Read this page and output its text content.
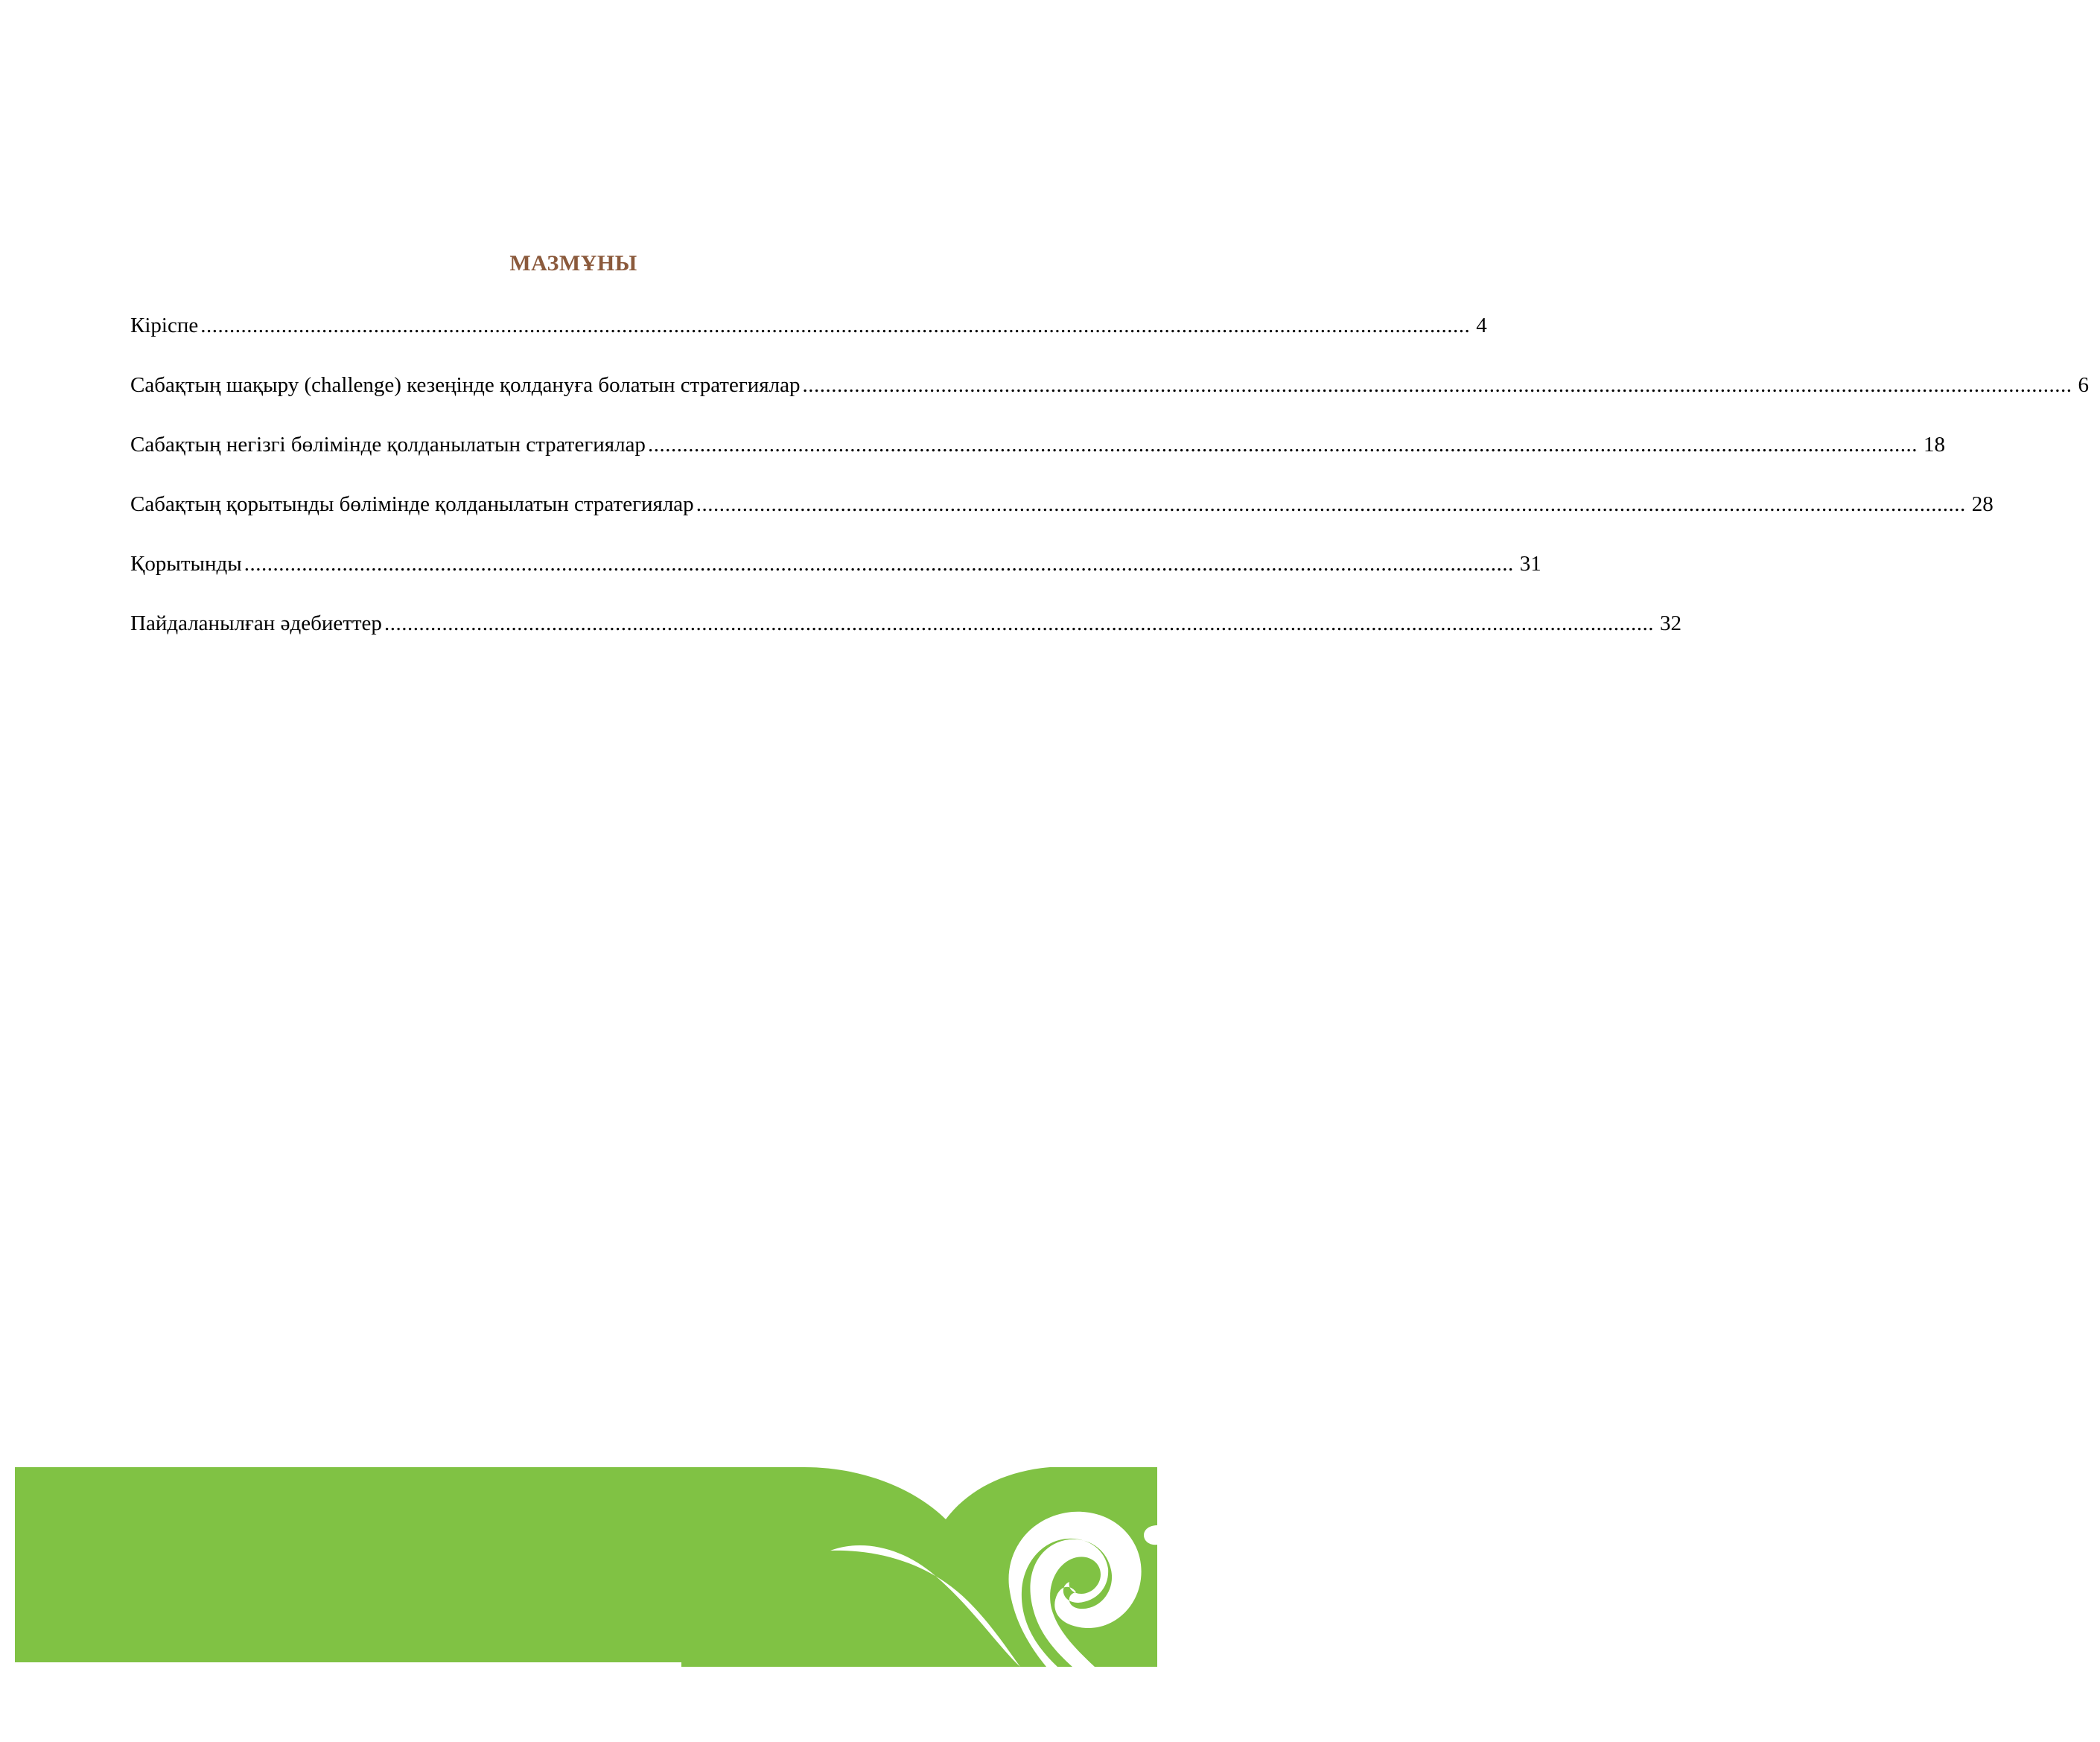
МАЗМҰНЫ
Кіріспе ............................................................................................................................................................................................................................ 4
Сабақтың шақыру (challenge) кезеңінде қолдануға болатын стратегиялар ............................................................................................................................................................................................................................ 6
Сабақтың негізгі бөлімінде қолданылатын стратегиялар ............................................................................................................................................................................................................................ 18
Сабақтың қорытынды бөлімінде қолданылатын стратегиялар ............................................................................................................................................................................................................................ 28
Қорытынды ............................................................................................................................................................................................................................ 31
Пайдаланылған әдебиеттер ............................................................................................................................................................................................................................ 32
